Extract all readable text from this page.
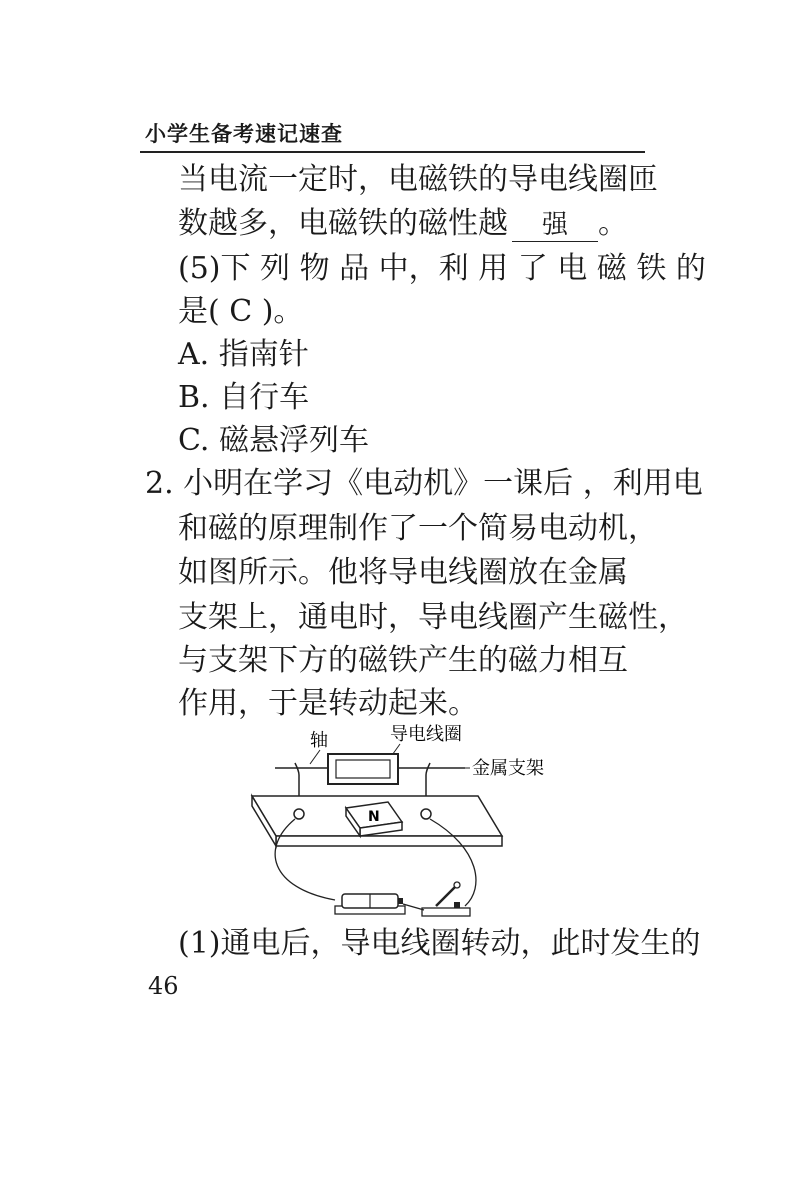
小学生备考速记速查
当电流一定时，电磁铁的导电线圈匝
数越多，电磁铁的磁性越 强 。
(5)下 列 物 品 中，利 用 了 电 磁 铁 的
是( C )。
A. 指南针
B. 自行车
C. 磁悬浮列车
2. 小明在学习《电动机》一课后 ，利用电
和磁的原理制作了一个简易电动机，
如图所示。他将导电线圈放在金属
支架上，通电时，导电线圈产生磁性，
与支架下方的磁铁产生的磁力相互
作用，于是转动起来。
轴	导电线圈
金属支架
N
(1)通电后，导电线圈转动，此时发生的
46
